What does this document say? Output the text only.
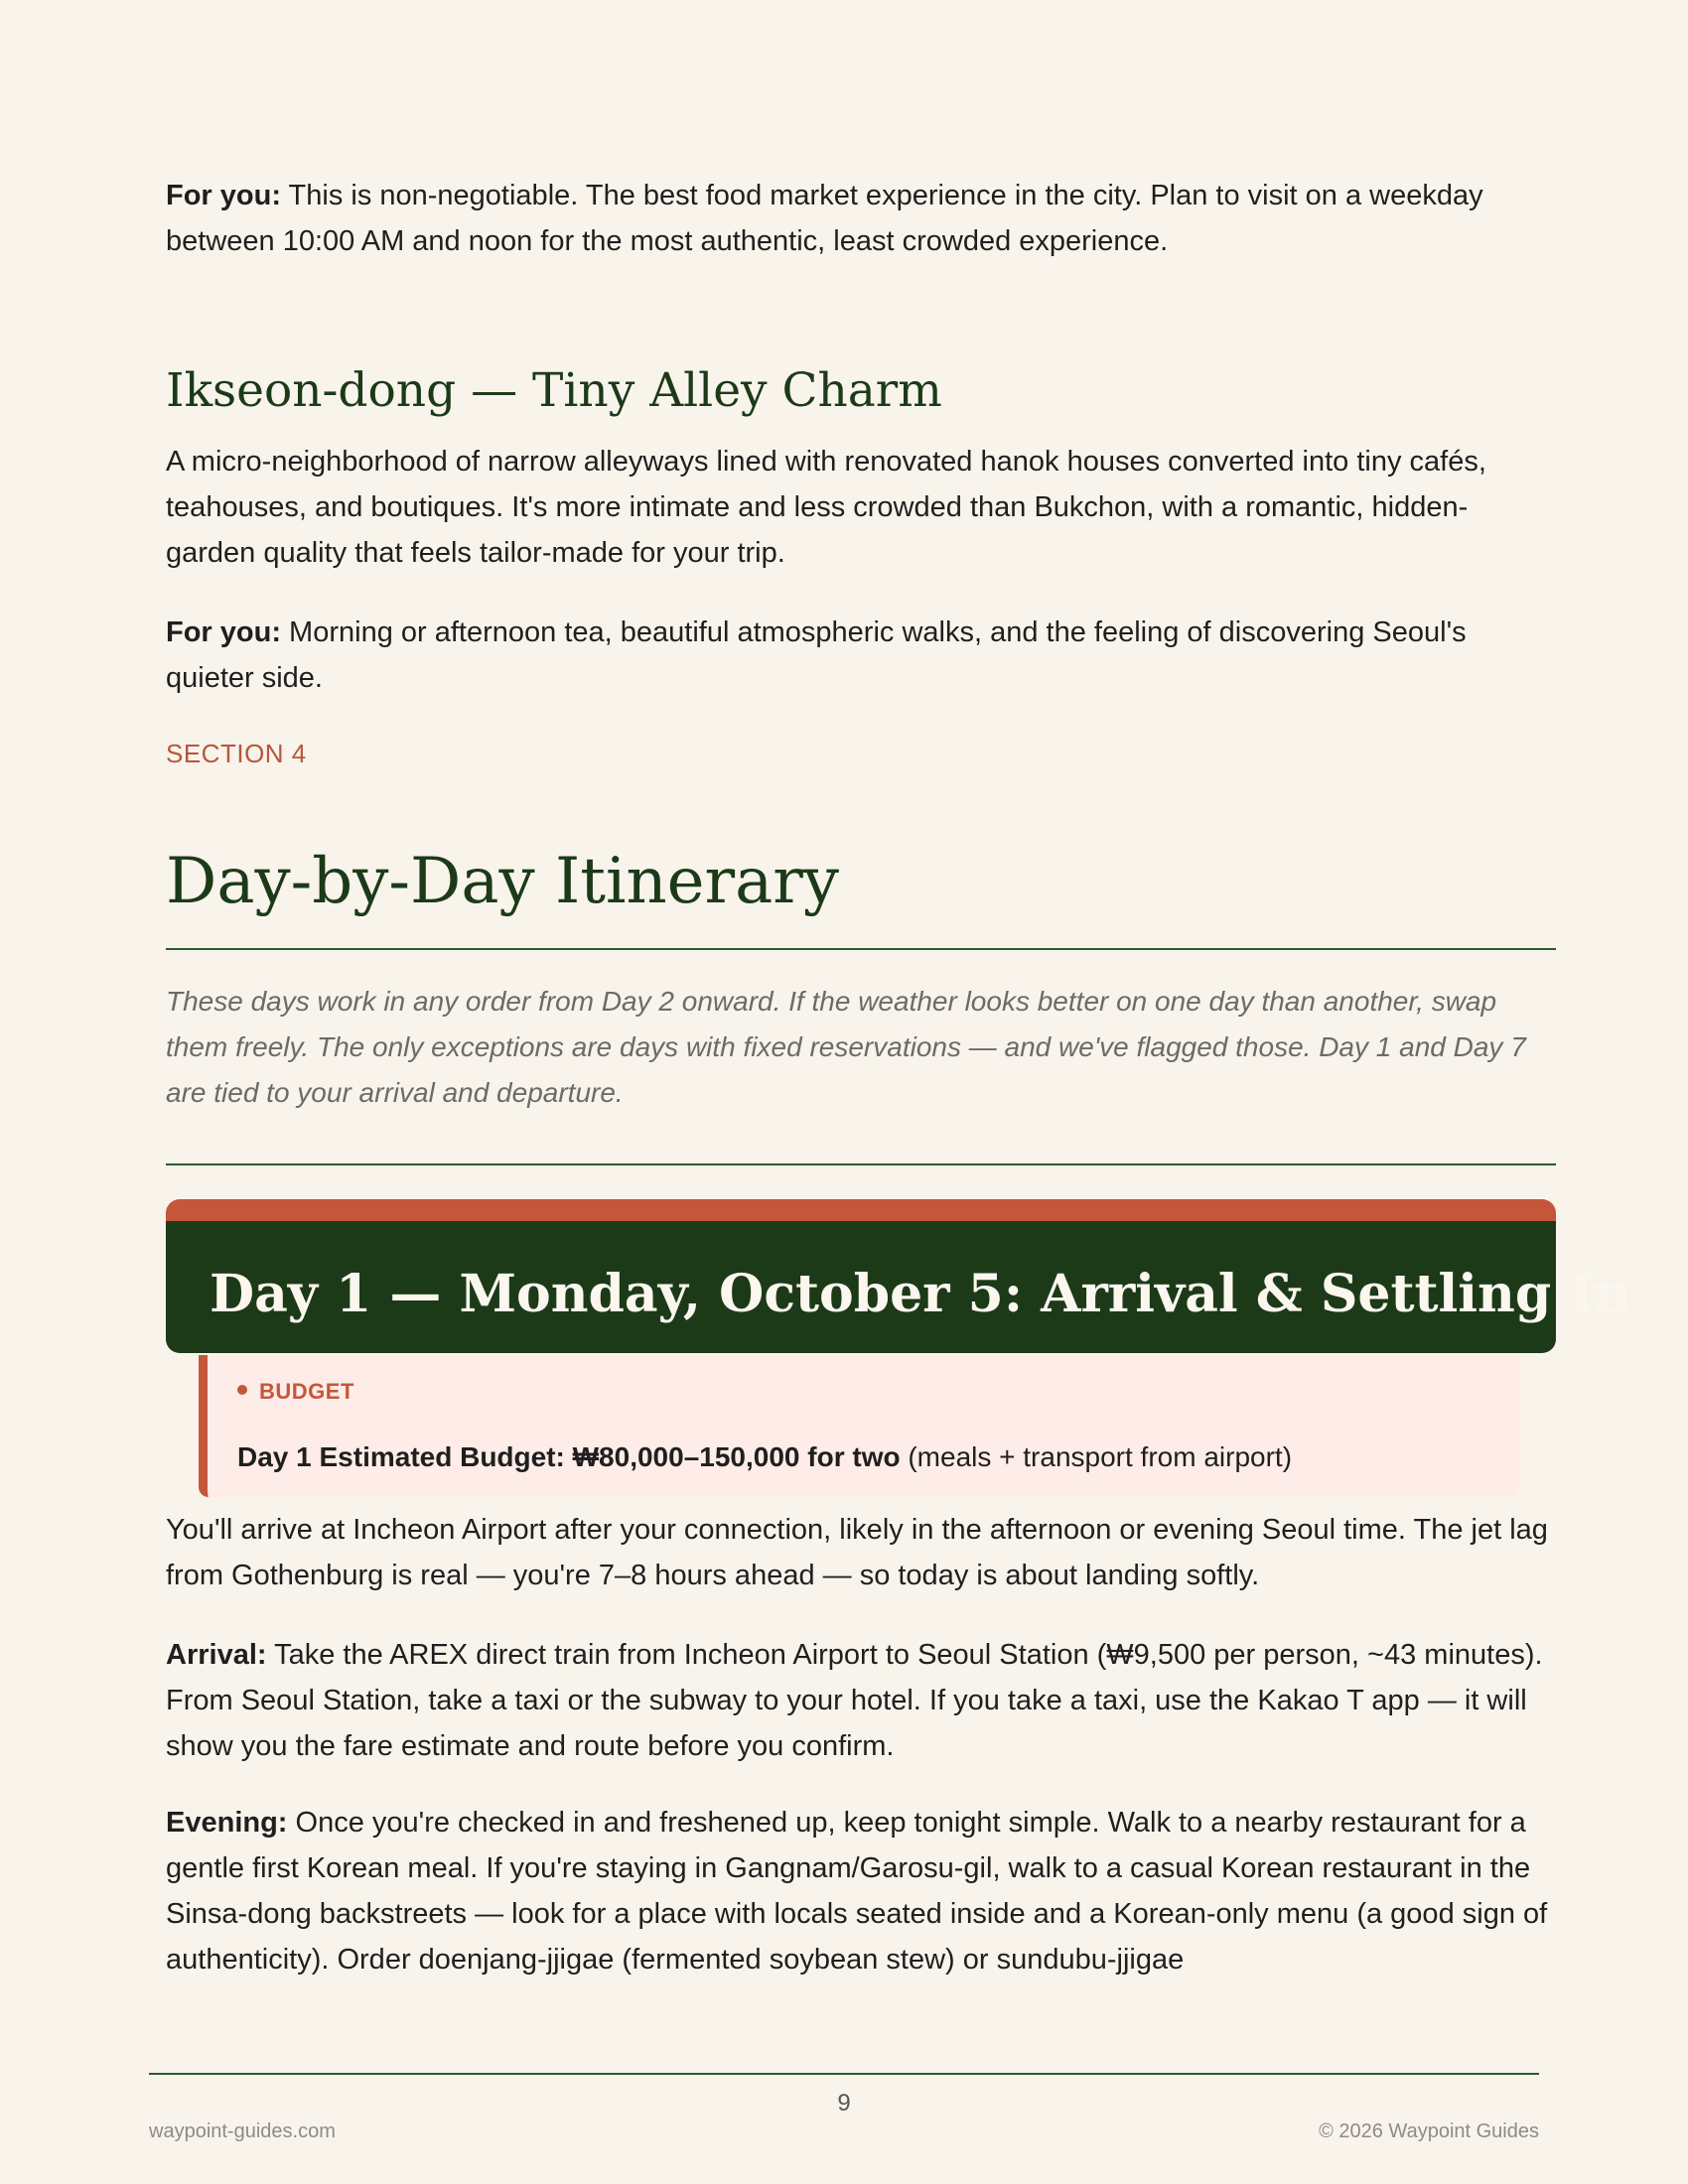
For you: This is non-negotiable. The best food market experience in the city. Plan to visit on a weekday between 10:00 AM and noon for the most authentic, least crowded experience.

Ikseon-dong — Tiny Alley Charm

A micro-neighborhood of narrow alleyways lined with renovated hanok houses converted into tiny cafés, teahouses, and boutiques. It's more intimate and less crowded than Bukchon, with a romantic, hidden-garden quality that feels tailor-made for your trip.

For you: Morning or afternoon tea, beautiful atmospheric walks, and the feeling of discovering Seoul's quieter side.

SECTION 4

Day-by-Day Itinerary

These days work in any order from Day 2 onward. If the weather looks better on one day than another, swap them freely. The only exceptions are days with fixed reservations — and we've flagged those. Day 1 and Day 7 are tied to your arrival and departure.

Day 1 — Monday, October 5: Arrival & Settling In

BUDGET

Day 1 Estimated Budget: ₩80,000–150,000 for two (meals + transport from airport)

You'll arrive at Incheon Airport after your connection, likely in the afternoon or evening Seoul time. The jet lag from Gothenburg is real — you're 7–8 hours ahead — so today is about landing softly.

Arrival: Take the AREX direct train from Incheon Airport to Seoul Station (₩9,500 per person, ~43 minutes). From Seoul Station, take a taxi or the subway to your hotel. If you take a taxi, use the Kakao T app — it will show you the fare estimate and route before you confirm.

Evening: Once you're checked in and freshened up, keep tonight simple. Walk to a nearby restaurant for a gentle first Korean meal. If you're staying in Gangnam/Garosu-gil, walk to a casual Korean restaurant in the Sinsa-dong backstreets — look for a place with locals seated inside and a Korean-only menu (a good sign of authenticity). Order doenjang-jjigae (fermented soybean stew) or sundubu-jjigae

9

waypoint-guides.com	© 2026 Waypoint Guides
